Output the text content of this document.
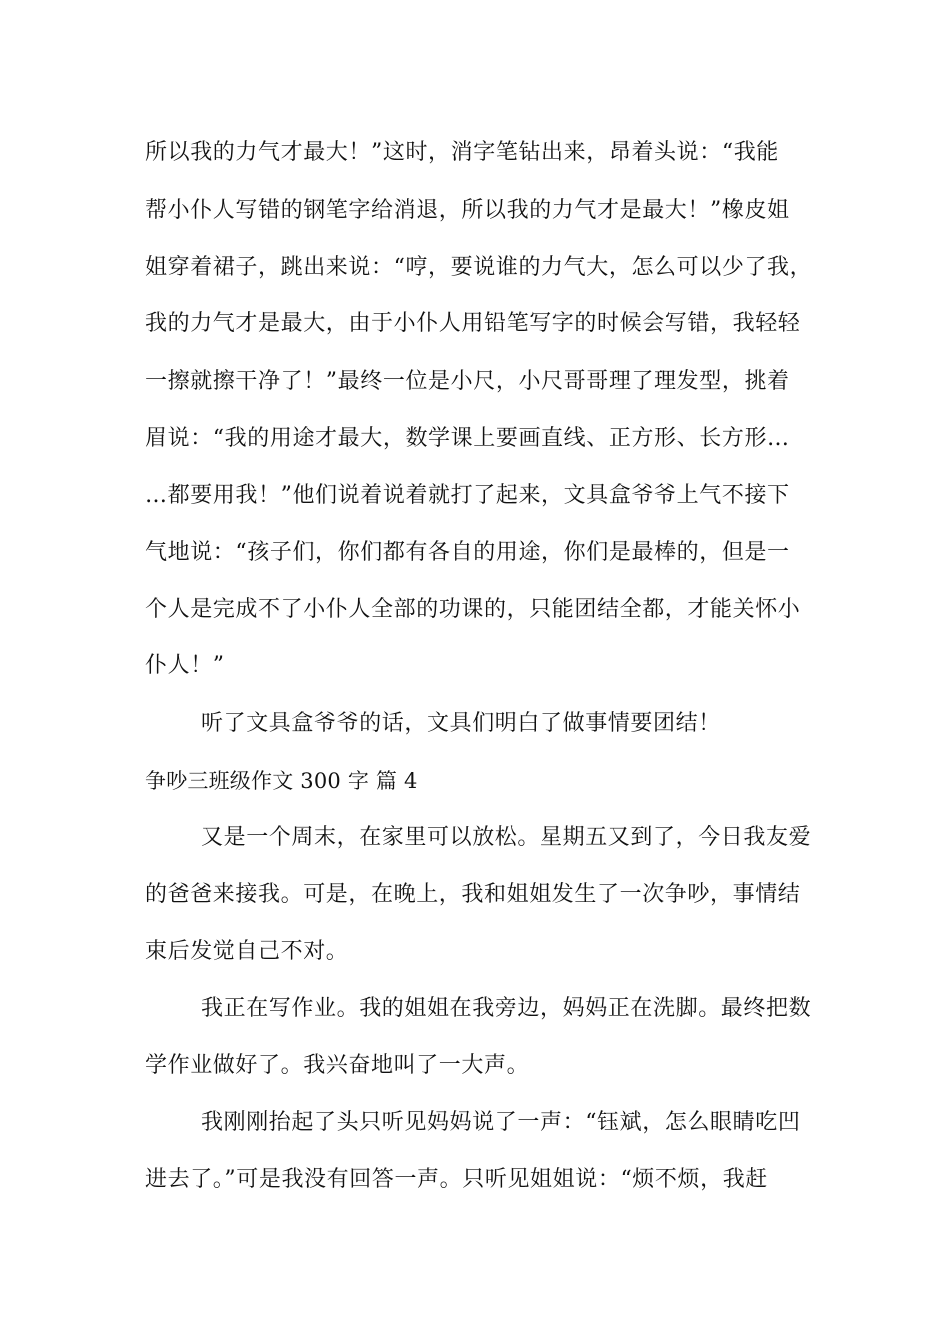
所以我的力气才最大！”这时，消字笔钻出来，昂着头说：“我能
帮小仆人写错的钢笔字给消退，所以我的力气才是最大！”橡皮姐
姐穿着裙子，跳出来说：“哼，要说谁的力气大，怎么可以少了我，
我的力气才是最大，由于小仆人用铅笔写字的时候会写错，我轻轻
一擦就擦干净了！”最终一位是小尺，小尺哥哥理了理发型，挑着
眉说：“我的用途才最大，数学课上要画直线、正方形、长方形…
…都要用我！”他们说着说着就打了起来，文具盒爷爷上气不接下
气地说：“孩子们，你们都有各自的用途，你们是最棒的，但是一
个人是完成不了小仆人全部的功课的，只能团结全都，才能关怀小
仆人！”
听了文具盒爷爷的话，文具们明白了做事情要团结！
争吵三班级作文 300 字 篇 4
又是一个周末，在家里可以放松。星期五又到了，今日我友爱
的爸爸来接我。可是，在晚上，我和姐姐发生了一次争吵，事情结
束后发觉自己不对。
我正在写作业。我的姐姐在我旁边，妈妈正在洗脚。最终把数
学作业做好了。我兴奋地叫了一大声。
我刚刚抬起了头只听见妈妈说了一声：“钰斌，怎么眼睛吃凹
进去了。”可是我没有回答一声。只听见姐姐说：“烦不烦，我赶
